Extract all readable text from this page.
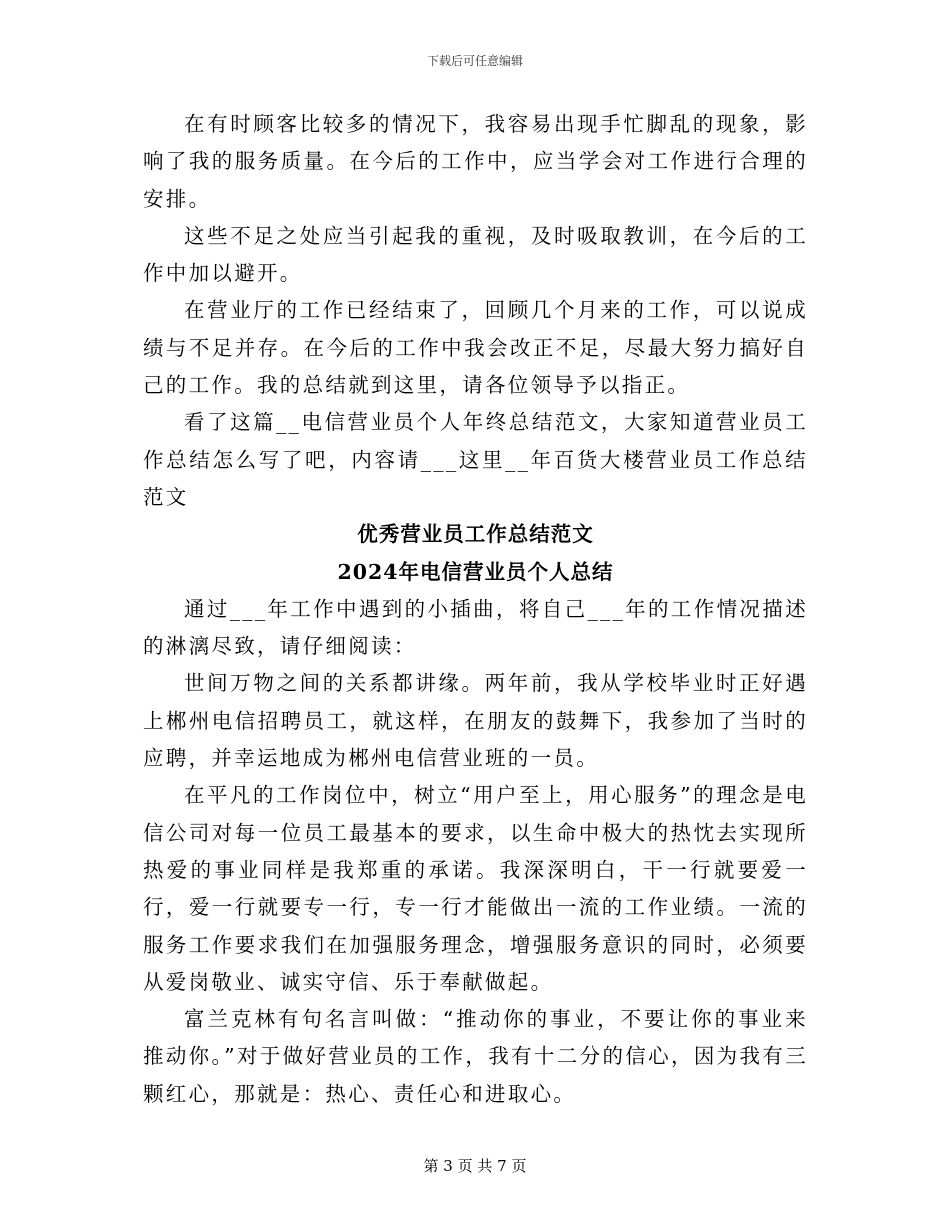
下载后可任意编辑

在有时顾客比较多的情况下，我容易出现手忙脚乱的现象，影响了我的服务质量。在今后的工作中，应当学会对工作进行合理的安排。

这些不足之处应当引起我的重视，及时吸取教训，在今后的工作中加以避开。

在营业厅的工作已经结束了，回顾几个月来的工作，可以说成绩与不足并存。在今后的工作中我会改正不足，尽最大努力搞好自己的工作。我的总结就到这里，请各位领导予以指正。

看了这篇__电信营业员个人年终总结范文，大家知道营业员工作总结怎么写了吧，内容请___这里__年百货大楼营业员工作总结范文

优秀营业员工作总结范文
2024年电信营业员个人总结

通过___年工作中遇到的小插曲，将自己___年的工作情况描述的淋漓尽致，请仔细阅读：

世间万物之间的关系都讲缘。两年前，我从学校毕业时正好遇上郴州电信招聘员工，就这样，在朋友的鼓舞下，我参加了当时的应聘，并幸运地成为郴州电信营业班的一员。

在平凡的工作岗位中，树立“用户至上，用心服务”的理念是电信公司对每一位员工最基本的要求，以生命中极大的热忱去实现所热爱的事业同样是我郑重的承诺。我深深明白，干一行就要爱一行，爱一行就要专一行，专一行才能做出一流的工作业绩。一流的服务工作要求我们在加强服务理念，增强服务意识的同时，必须要从爱岗敬业、诚实守信、乐于奉献做起。

富兰克林有句名言叫做：“推动你的事业，不要让你的事业来推动你。”对于做好营业员的工作，我有十二分的信心，因为我有三颗红心，那就是：热心、责任心和进取心。

第 3 页 共 7 页
